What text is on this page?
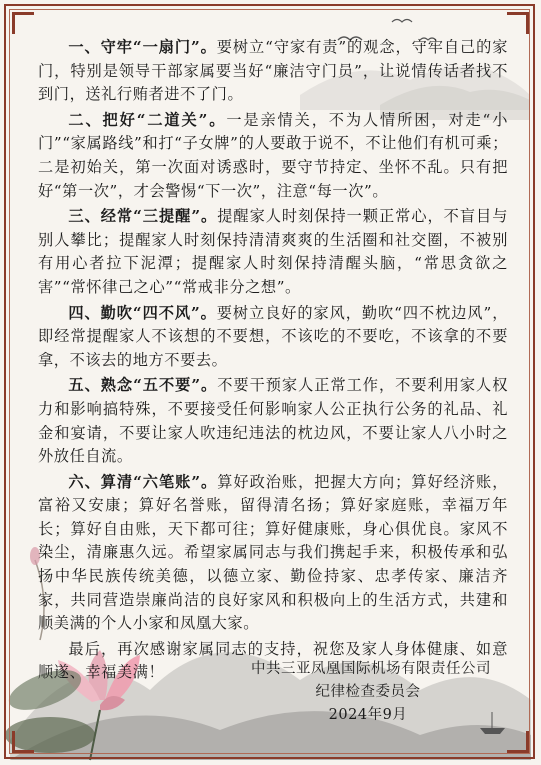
一、守牢“一扇门”。要树立“守家有责”的观念，守牢自己的家门，特别是领导干部家属要当好“廉洁守门员”，让说情传话者找不到门，送礼行贿者进不了门。

二、把好“二道关”。一是亲情关，不为人情所困，对走“小门”“家属路线”和打“子女牌”的人要敢于说不，不让他们有机可乘；二是初始关，第一次面对诱惑时，要守节持定、坐怀不乱。只有把好“第一次”，才会警惕“下一次”，注意“每一次”。

三、经常“三提醒”。提醒家人时刻保持一颗正常心，不盲目与别人攀比；提醒家人时刻保持清清爽爽的生活圈和社交圈，不被别有用心者拉下泥潭；提醒家人时刻保持清醒头脑，“常思贪欲之害”“常怀律己之心”“常戒非分之想”。

四、勤吹“四不风”。要树立良好的家风，勤吹“四不枕边风”，即经常提醒家人不该想的不要想，不该吃的不要吃，不该拿的不要拿，不该去的地方不要去。

五、熟念“五不要”。不要干预家人正常工作，不要利用家人权力和影响搞特殊，不要接受任何影响家人公正执行公务的礼品、礼金和宴请，不要让家人吹违纪违法的枕边风，不要让家人八小时之外放任自流。

六、算清“六笔账”。算好政治账，把握大方向；算好经济账，富裕又安康；算好名誉账，留得清名扬；算好家庭账，幸福万年长；算好自由账，天下都可往；算好健康账，身心俱优良。家风不染尘，清廉惠久远。希望家属同志与我们携起手来，积极传承和弘扬中华民族传统美德，以德立家、勤俭持家、忠孝传家、廉洁齐家，共同营造崇廉尚洁的良好家风和积极向上的生活方式，共建和顺美满的个人小家和凤凰大家。

最后，再次感谢家属同志的支持，祝您及家人身体健康、如意顺遂、幸福美满！	中共三亚凤凰国际机场有限责任公司
纪律检查委员会
2024年9月
